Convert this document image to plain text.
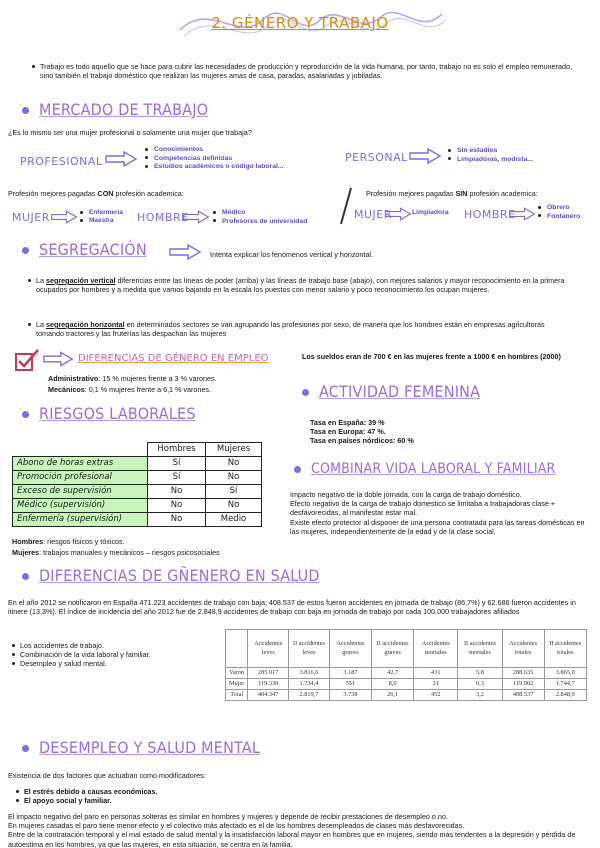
2. GÉNERO Y TRABAJO
Trabajo es todo aquello que se hace para cubrir las necesidades de producción y reproducción de la vida humana, por tanto, trabajo no es solo el empleo remunerado, sino también el trabajo doméstico que realizan las mujeres amas de casa, paradas, asalariadas y jubiladas.
MERCADO DE TRABAJO
¿Es lo mismo ser una mujer profesional o solamente una mujer que trabaja?
PROFESIONAL
Conocimientos
Competencias definidas
Estudios académicos o código laboral...
PERSONAL
Sin estudios
Limpiadoras, modista...
Profesión mejores pagadas CON profesión academica:	Profesión mejores pagadas SIN profesión academica:
MUJER	Enfermería
Maestra	HOMBRE	Médico
Profesores de universidad
MUJER	Limpiadora HOMBRE
Obrero
Fontanero
SEGREGACIÓN	Intenta explicar los fenómenos vertical y horizontal.
La segregación vertical diferencias entre las líneas de poder (arriba) y las líneas de trabajo base (abajo), con mejores salarios y mayor reconocimiento en la primera ocupados por hombres y a medida que vamos bajando en la escala los puestos con menor salario y poco reconocimiento los ocupan mujeres.
La segregación horizontal en determinados sectores se van agrupando las profesiones por sexo, de manera que los hombres están en empresas agricultoras tomando tractores y las fruterías las despachan las mujeres
DIFERENCIAS DE GÉNERO EN EMPLEO	Los sueldos eran de 700 € en las mujeres frente a 1000 € en hombres (2000)
Administrativo: 15 % mujeres frente a 3 % varones.
Mecánicos: 0,1 % mujeres frente a 6,1 % varones.	ACTIVIDAD FEMENINA
Tasa en España: 39 %
Tasa en Europa: 47 %.
Tasa en países nórdicos: 60 %
RIESGOS LABORALES
	Hombres	Mujeres
Abono de horas extras	Sí	No
Promoción profesional	Sí	No
Exceso de supervisión	No	Sí
Médico (supervisión)	No	No
Enfermería (supervisión)	No	Medio
Hombres: riesgos físicos y tóxicos.
Mujeres: trabajos manuales y mecánicos – riesgos psicosociales
COMBINAR VIDA LABORAL Y FAMILIAR
Impacto negativo de la doble jornada, con la carga de trabajo doméstico.
Efecto negativo de la carga de trabajo domestico se limitaba a trabajadoras clase + desfavorecidas, al manifestar estar mal.
Existe efecto protector al disponer de una persona contratada para las tareas domésticas en las mujeres, independientemente de la edad y de la clase social.
DIFERENCIAS DE GÑENERO EN SALUD
En el año 2012 se notificaron en España 471.223 accidentes de trabajo con baja; 408.537 de estos fueron accidentes en jornada de trabajo (86,7%) y 62.686 fueron accidentes in itinere (13,3%). El índice de incidencia del año 2012 fue de 2.848,9 accidentes de trabajo con baja en jornada de trabajo por cada 100.000 trabajadores afiliados
Los accidentes de trabajo.
Combinación de la vida laboral y familiar.
Desempleo y salud mental.
	Accidentes leves	II accidentes leves	Accidentes graves	II accidentes graves	Accidentes mortales	II accidentes mortales	Accidentes totales	II accidentes totales
Varón	285.017	3.816,6	3.187	42,7	431	5,8	288.635	3.865,0
Mujer	119.330	1.734,4	551	8,0	21	0,3	119.902	1.744,7
Total	404.347	2.819,7	3.738	26,1	452	3,2	408.537	2.848,9
DESEMPLEO Y SALUD MENTAL
Existencia de dos factores que actuaban como modificadores:
El estrés debido a causas económicas.
El apoyo social y familiar.
El impacto negativo del paro en personas solteras es similar en hombres y mujeres y depende de recibir prestaciones de desempleo o no.
En mujeres casadas el paro tiene menor efecto y el colectivo más afectado es el de los hombres desempleados de clases más desfavorecidas.
Entre de la contratación temporal y el mal estado de salud mental y la insatisfacción laboral mayor en hombres que en mujeres, siendo más tendentes a la depresión y pérdida de autoestima en los hombres, ya que las mujeres, en esta situación, se centra en la familia.
